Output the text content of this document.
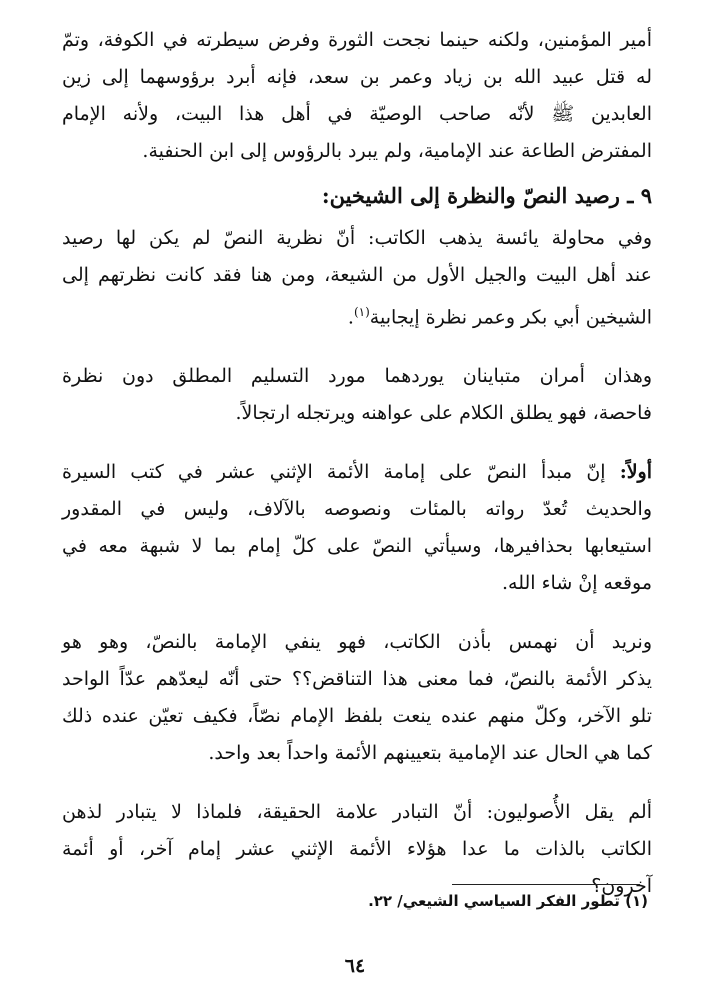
أمير المؤمنين، ولكنه حينما نجحت الثورة وفرض سيطرته في الكوفة، وتمّ
له قتل عبيد الله بن زياد وعمر بن سعد، فإنه أبرد برؤوسهما إلى زين
العابدين ﷺ لأنّه صاحب الوصيّة في أهل هذا البيت، ولأنه الإمام
المفترض الطاعة عند الإمامية، ولم يبرد بالرؤوس إلى ابن الحنفية.

٩ ـ رصيد النصّ والنظرة إلى الشيخين:

وفي محاولة يائسة يذهب الكاتب: أنّ نظرية النصّ لم يكن لها رصيد
عند أهل البيت والجيل الأول من الشيعة، ومن هنا فقد كانت نظرتهم إلى
الشيخين أبي بكر وعمر نظرة إيجابية$^{(١)}$.

وهذان أمران متباينان يوردهما مورد التسليم المطلق دون نظرة
فاحصة، فهو يطلق الكلام على عواهنه ويرتجله ارتجالاً.

أولاً: إنّ مبدأ النصّ على إمامة الأئمة الإثني عشر في كتب السيرة
والحديث تُعدّ رواته بالمئات ونصوصه بالآلاف، وليس في المقدور
استيعابها بحذافيرها، وسيأتي النصّ على كلّ إمام بما لا شبهة معه في
موقعه إنْ شاء الله.

ونريد أن نهمس بأذن الكاتب، فهو ينفي الإمامة بالنصّ، وهو هو
يذكر الأئمة بالنصّ، فما معنى هذا التناقض؟؟ حتى أنّه ليعدّهم عدّاً الواحد
تلو الآخر، وكلّ منهم عنده ينعت بلفظ الإمام نصّاً، فكيف تعيّن عنده ذلك
كما هي الحال عند الإمامية بتعيينهم الأئمة واحداً بعد واحد.

ألم يقل الأُصوليون: أنّ التبادر علامة الحقيقة، فلماذا لا يتبادر لذهن
الكاتب بالذات ما عدا هؤلاء الأئمة الإثني عشر إمام آخر، أو أئمة
آخرون؟

(١) تطور الفكر السياسي الشيعي/ ٢٢.
٦٤
